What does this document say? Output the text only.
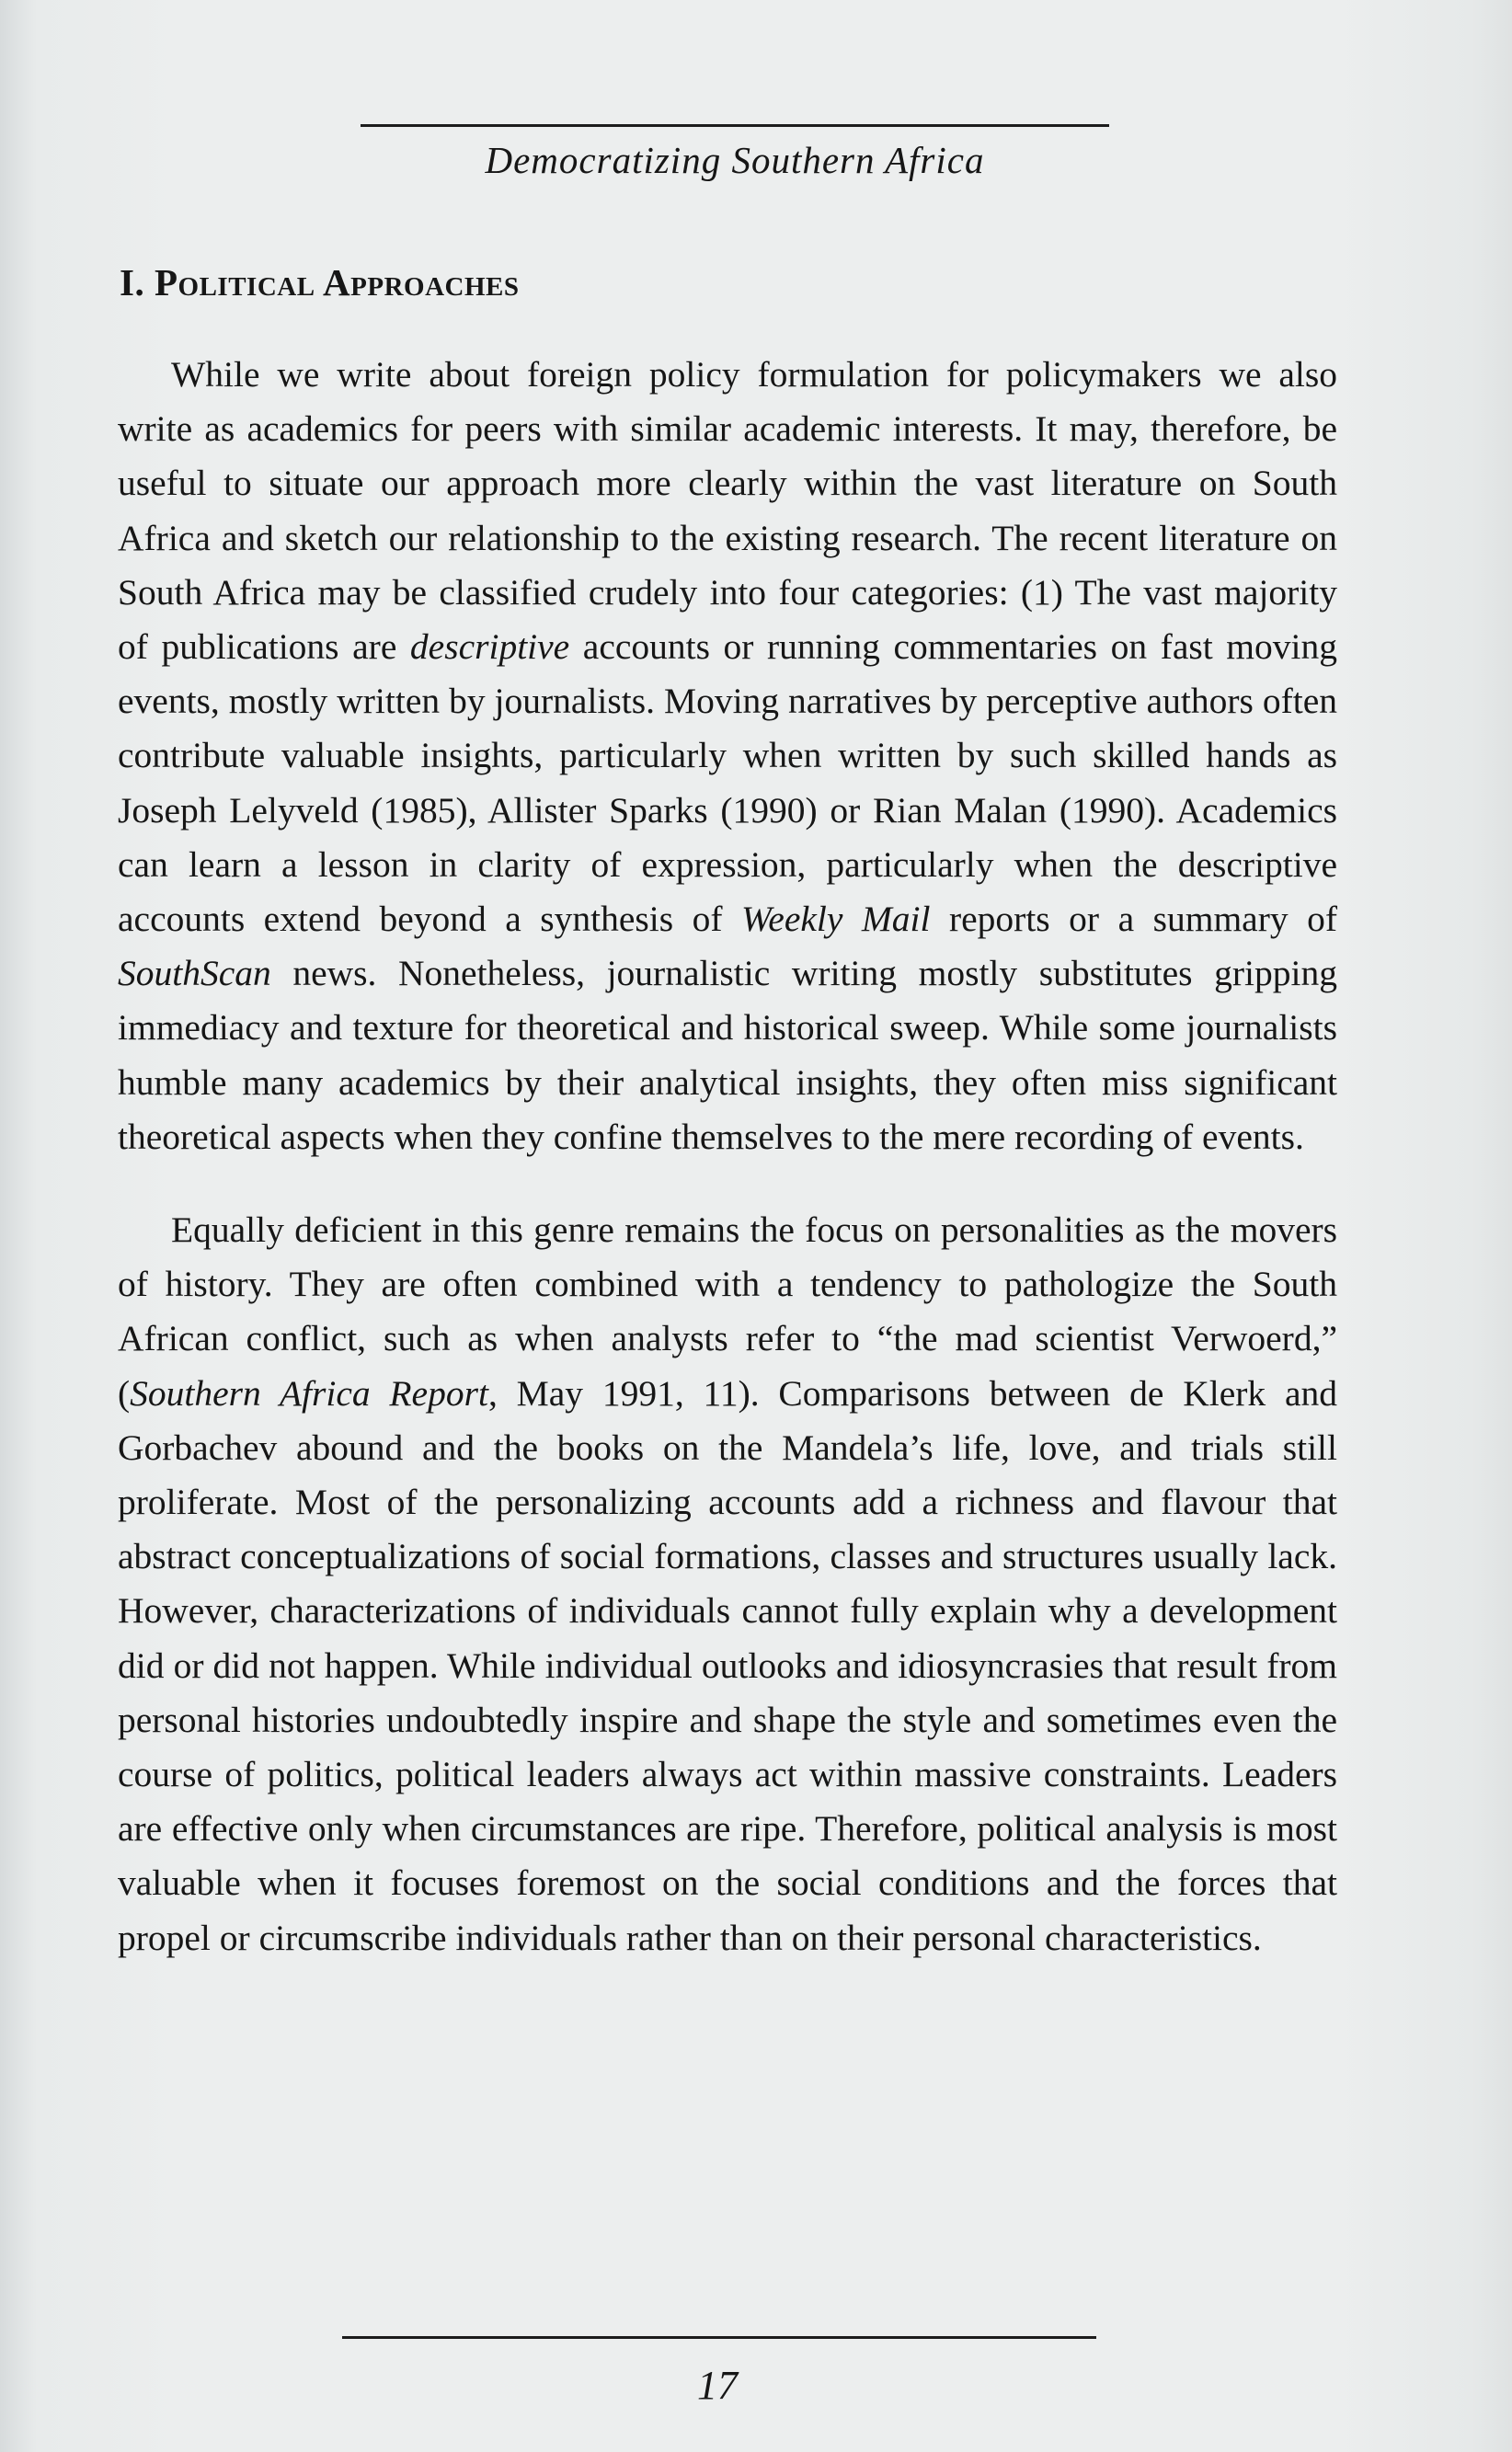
Democratizing Southern Africa
I. Political Approaches

While we write about foreign policy formulation for policymakers we also write as academics for peers with similar academic interests. It may, therefore, be useful to situate our approach more clearly within the vast literature on South Africa and sketch our relationship to the existing research. The recent literature on South Africa may be classified crudely into four categories: (1) The vast majority of publications are descriptive accounts or running commentaries on fast moving events, mostly written by journalists. Moving narratives by perceptive authors often contribute valuable insights, particularly when written by such skilled hands as Joseph Lelyveld (1985), Allister Sparks (1990) or Rian Malan (1990). Academics can learn a lesson in clarity of expression, particularly when the descriptive accounts extend beyond a synthesis of Weekly Mail reports or a summary of SouthScan news. Nonetheless, journalistic writing mostly substitutes gripping immediacy and texture for theoretical and historical sweep. While some journalists humble many academics by their analytical insights, they often miss significant theoretical aspects when they confine themselves to the mere recording of events.

Equally deficient in this genre remains the focus on personalities as the movers of history. They are often combined with a tendency to pathologize the South African conflict, such as when analysts refer to “the mad scientist Verwoerd,” (Southern Africa Report, May 1991, 11). Comparisons between de Klerk and Gorbachev abound and the books on the Mandela’s life, love, and trials still proliferate. Most of the personalizing accounts add a richness and flavour that abstract conceptualizations of social formations, classes and structures usually lack. However, characterizations of individuals cannot fully explain why a development did or did not happen. While individual outlooks and idiosyncrasies that result from personal histories undoubtedly inspire and shape the style and sometimes even the course of politics, political leaders always act within massive constraints. Leaders are effective only when circumstances are ripe. Therefore, political analysis is most valuable when it focuses foremost on the social conditions and the forces that propel or circumscribe individuals rather than on their personal characteristics.

17
